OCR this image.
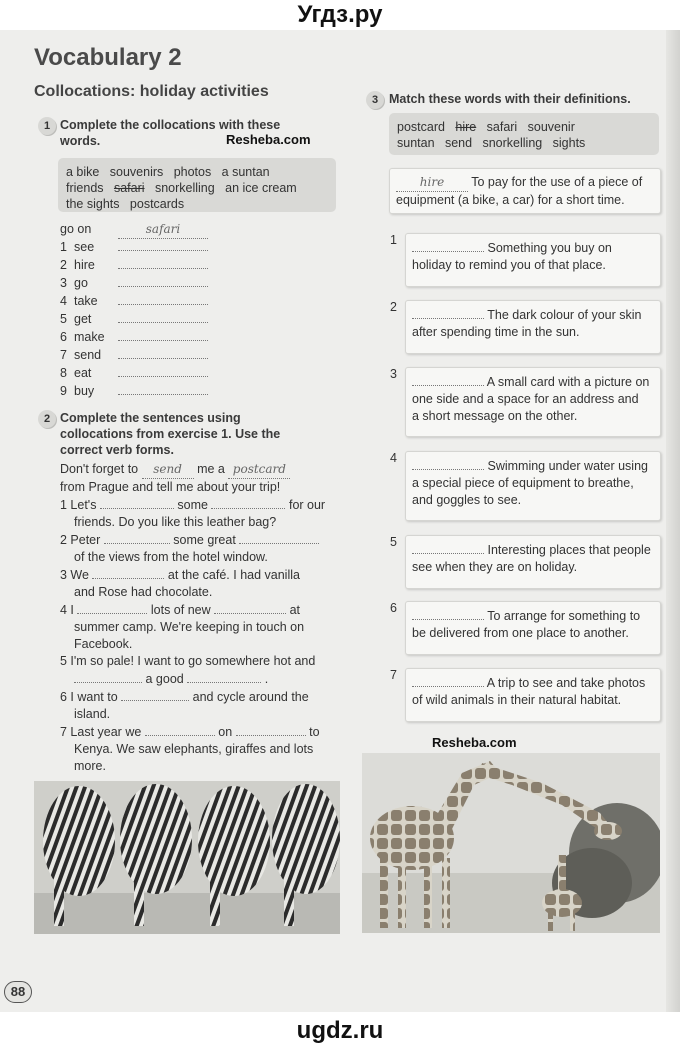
Угдз.ру
Vocabulary 2
Collocations: holiday activities
1 Complete the collocations with these
words.	Resheba.com
a bike souvenirs photos a suntan
friends safari snorkelling   an ice cream
the sights   postcards
go on	safari
1 see
2 hire
3 go
4 take
5 get
6 make
7 send
8 eat
9 buy
2 Complete the sentences using
collocations from exercise 1. Use the
correct verb forms.
Don't forget to send me a postcard
from Prague and tell me about your trip!
1 Let's	some	for our
friends. Do you like this leather bag?
2 Peter	some great
of the views from the hotel window.
3 We	at the café. I had vanilla
and Rose had chocolate.
4 I	lots of new	at
summer camp. We're keeping in touch on
Facebook.
5 I'm so pale! I want to go somewhere hot and
a good	.
6 I want to	and cycle around the
island.
7 Last year we	on	to
Kenya. We saw elephants, giraffes and lots
more.
3 Match these words with their definitions.
postcard hire safari   souvenir
suntan   send   snorkelling   sights
hire To pay for the use of a piece of
equipment (a bike, a car) for a short time.
1
Something you buy on
holiday to remind you of that place.
2
The dark colour of your skin
after spending time in the sun.
3
A small card with a picture on
one side and a space for an address and
a short message on the other.
4
Swimming under water using
a special piece of equipment to breathe,
and goggles to see.
5
Interesting places that people
see when they are on holiday.
6
To arrange for something to
be delivered from one place to another.
7
A trip to see and take photos
of wild animals in their natural habitat.
Resheba.com
88
ugdz.ru
